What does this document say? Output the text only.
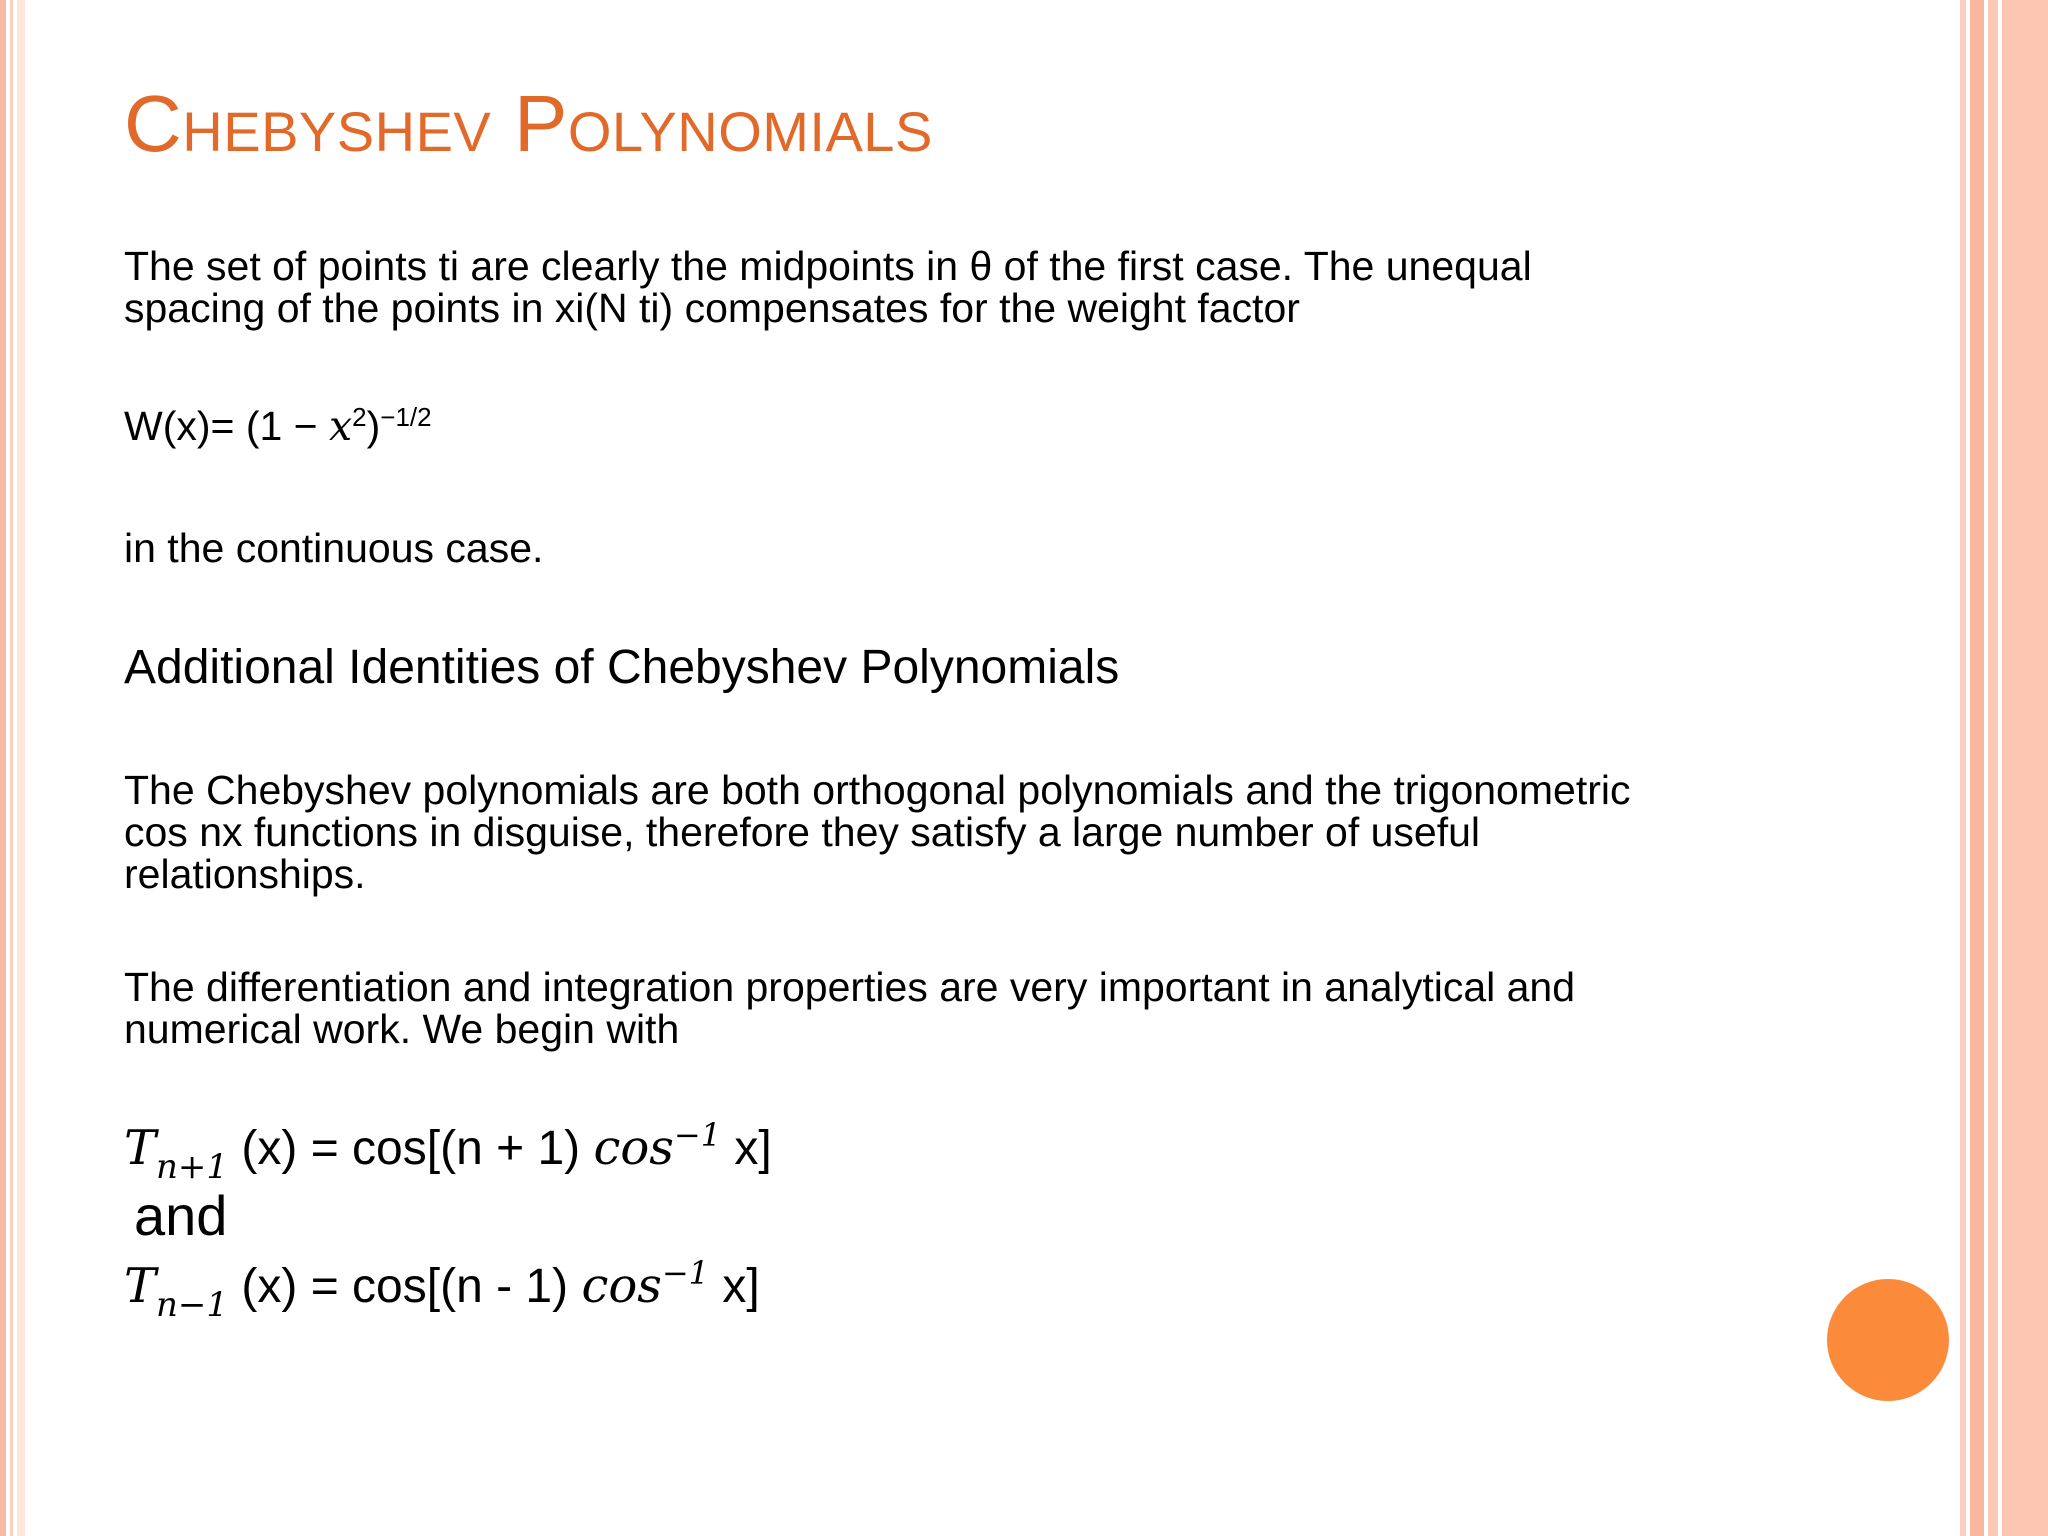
Chebyshev Polynomials

The set of points ti are clearly the midpoints in θ of the first case. The unequal
spacing of the points in xi(N ti) compensates for the weight factor

$W(x)= (1 - x^2)^{-1/2}$

in the continuous case.

Additional Identities of Chebyshev Polynomials

The Chebyshev polynomials are both orthogonal polynomials and the trigonometric
cos nx functions in disguise, therefore they satisfy a large number of useful
relationships.

The differentiation and integration properties are very important in analytical and
numerical work. We begin with

$T_{n+1}$ (x) = cos[(n + 1) $\cos^{-1} x$]

and

$T_{n-1}$ (x) = cos[(n - 1) $\cos^{-1} x$]
